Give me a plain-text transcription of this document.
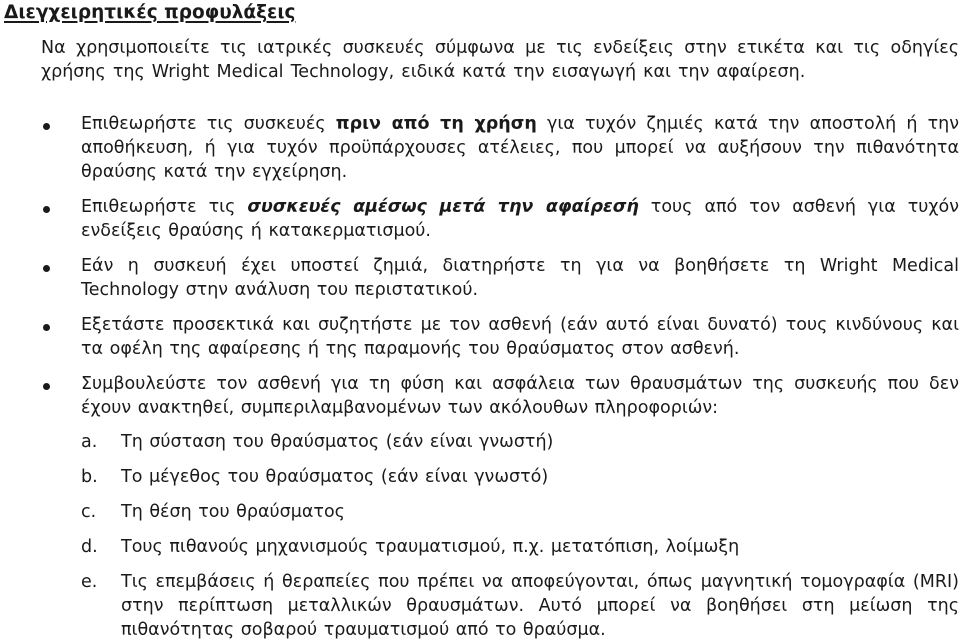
Διεγχειρητικές προφυλάξεις

Να χρησιμοποιείτε τις ιατρικές συσκευές σύμφωνα με τις ενδείξεις στην ετικέτα και τις οδηγίες χρήσης της Wright Medical Technology, ειδικά κατά την εισαγωγή και την αφαίρεση.

Επιθεωρήστε τις συσκευές πριν από τη χρήση για τυχόν ζημιές κατά την αποστολή ή την αποθήκευση, ή για τυχόν προϋπάρχουσες ατέλειες, που μπορεί να αυξήσουν την πιθανότητα θραύσης κατά την εγχείρηση.
Επιθεωρήστε τις συσκευές αμέσως μετά την αφαίρεσή τους από τον ασθενή για τυχόν ενδείξεις θραύσης ή κατακερματισμού.
Εάν η συσκευή έχει υποστεί ζημιά, διατηρήστε τη για να βοηθήσετε τη Wright Medical Technology στην ανάλυση του περιστατικού.
Εξετάστε προσεκτικά και συζητήστε με τον ασθενή (εάν αυτό είναι δυνατό) τους κινδύνους και τα οφέλη της αφαίρεσης ή της παραμονής του θραύσματος στον ασθενή.
Συμβουλεύστε τον ασθενή για τη φύση και ασφάλεια των θραυσμάτων της συσκευής που δεν έχουν ανακτηθεί, συμπεριλαμβανομένων των ακόλουθων πληροφοριών:
a. Τη σύσταση του θραύσματος (εάν είναι γνωστή)
b. Το μέγεθος του θραύσματος (εάν είναι γνωστό)
c. Τη θέση του θραύσματος
d. Τους πιθανούς μηχανισμούς τραυματισμού, π.χ. μετατόπιση, λοίμωξη
e. Τις επεμβάσεις ή θεραπείες που πρέπει να αποφεύγονται, όπως μαγνητική τομογραφία (MRI) στην περίπτωση μεταλλικών θραυσμάτων. Αυτό μπορεί να βοηθήσει στη μείωση της πιθανότητας σοβαρού τραυματισμού από το θραύσμα.
